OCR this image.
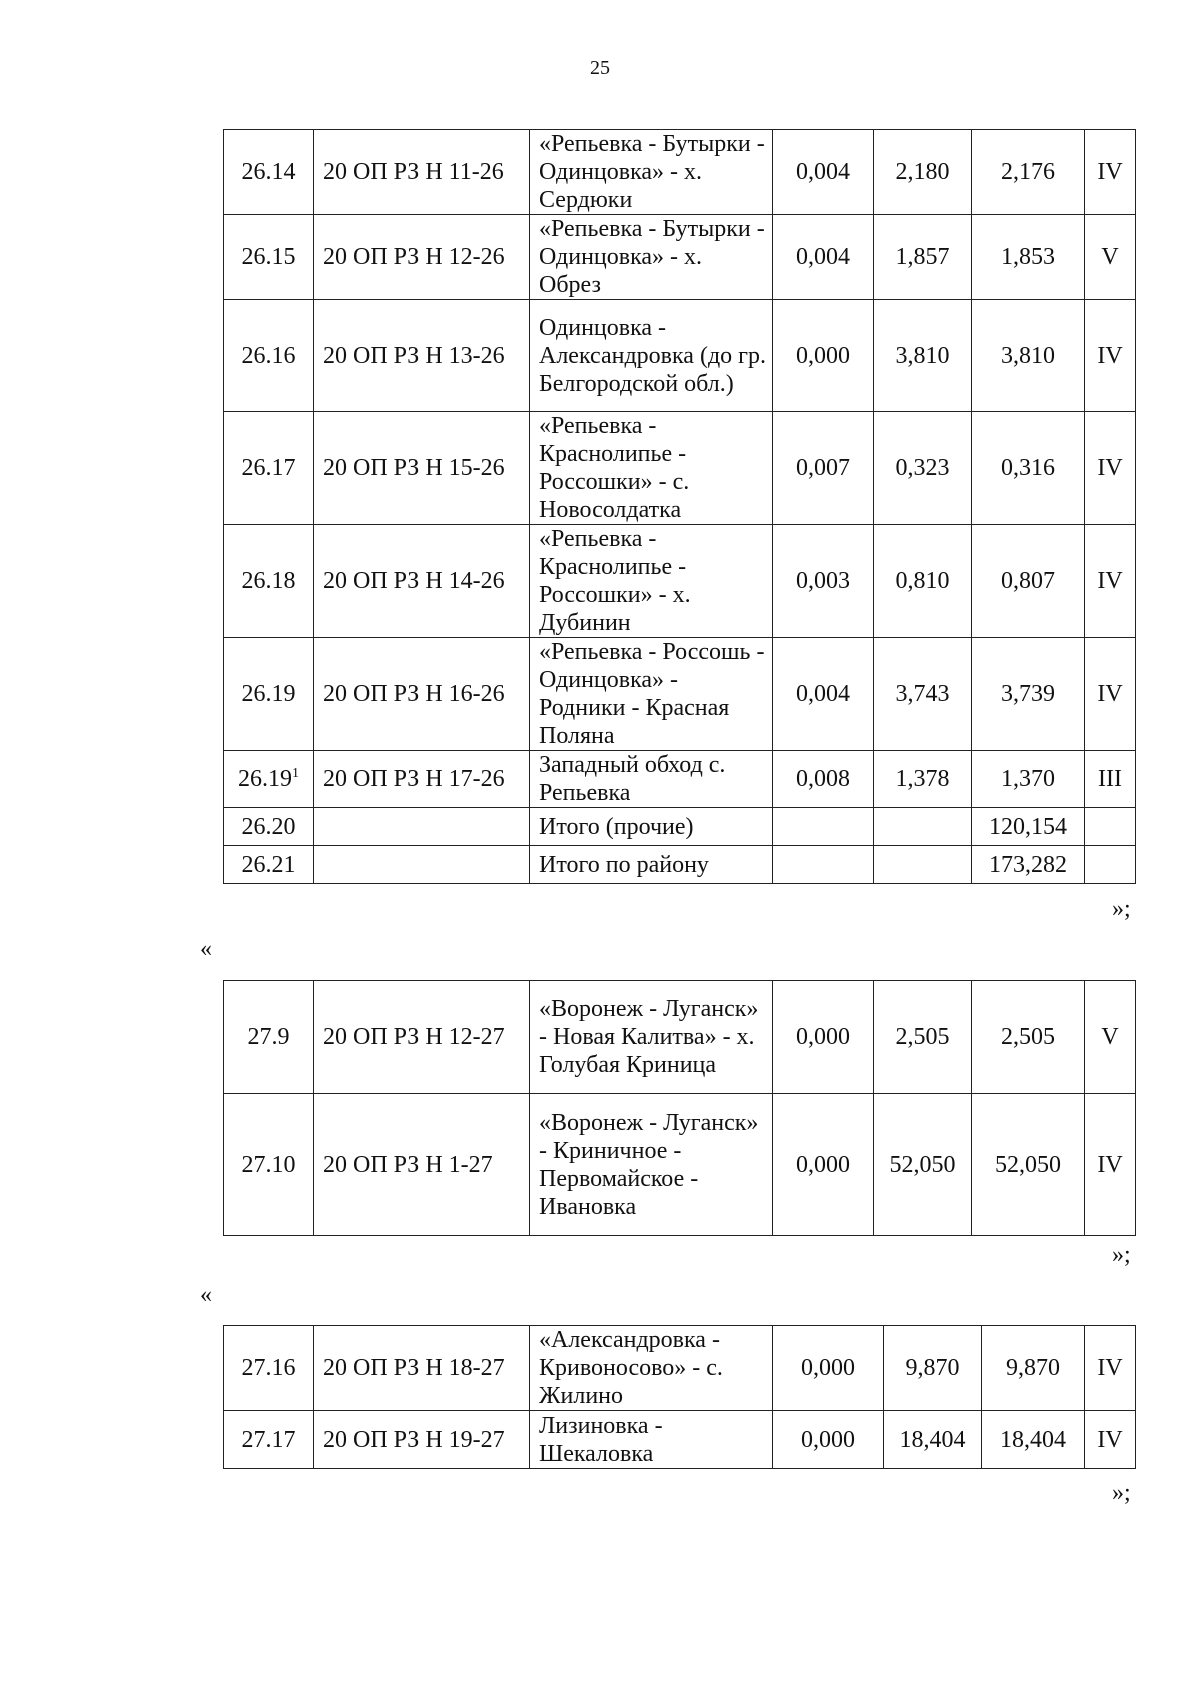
25
26.14	20 ОП РЗ Н 11-26	«Репьевка - Бутырки - Одинцовка» - х. Сердюки	0,004	2,180	2,176	IV
26.15	20 ОП РЗ Н 12-26	«Репьевка - Бутырки - Одинцовка» - х. Обрез	0,004	1,857	1,853	V
26.16	20 ОП РЗ Н 13-26	Одинцовка - Александровка (до гр. Белгородской обл.)	0,000	3,810	3,810	IV
26.17	20 ОП РЗ Н 15-26	«Репьевка - Краснолипье - Россошки» - с. Новосолдатка	0,007	0,323	0,316	IV
26.18	20 ОП РЗ Н 14-26	«Репьевка - Краснолипье - Россошки» - х. Дубинин	0,003	0,810	0,807	IV
26.19	20 ОП РЗ Н 16-26	«Репьевка - Россошь - Одинцовка» - Родники - Красная Поляна	0,004	3,743	3,739	IV
26.19$^1$	20 ОП РЗ Н 17-26	Западный обход с. Репьевка	0,008	1,378	1,370	III
26.20		Итого (прочие)			120,154	
26.21		Итого по району			173,282	
»;
«
27.9	20 ОП РЗ Н 12-27	«Воронеж - Луганск» - Новая Калитва» - х. Голубая Криница	0,000	2,505	2,505	V
27.10	20 ОП РЗ Н 1-27	«Воронеж - Луганск» - Криничное - Первомайское - Ивановка	0,000	52,050	52,050	IV
»;
«
27.16	20 ОП РЗ Н 18-27	«Александровка - Кривоносово» - с. Жилино	0,000	9,870	9,870	IV
27.17	20 ОП РЗ Н 19-27	Лизиновка - Шекаловка	0,000	18,404	18,404	IV
»;
